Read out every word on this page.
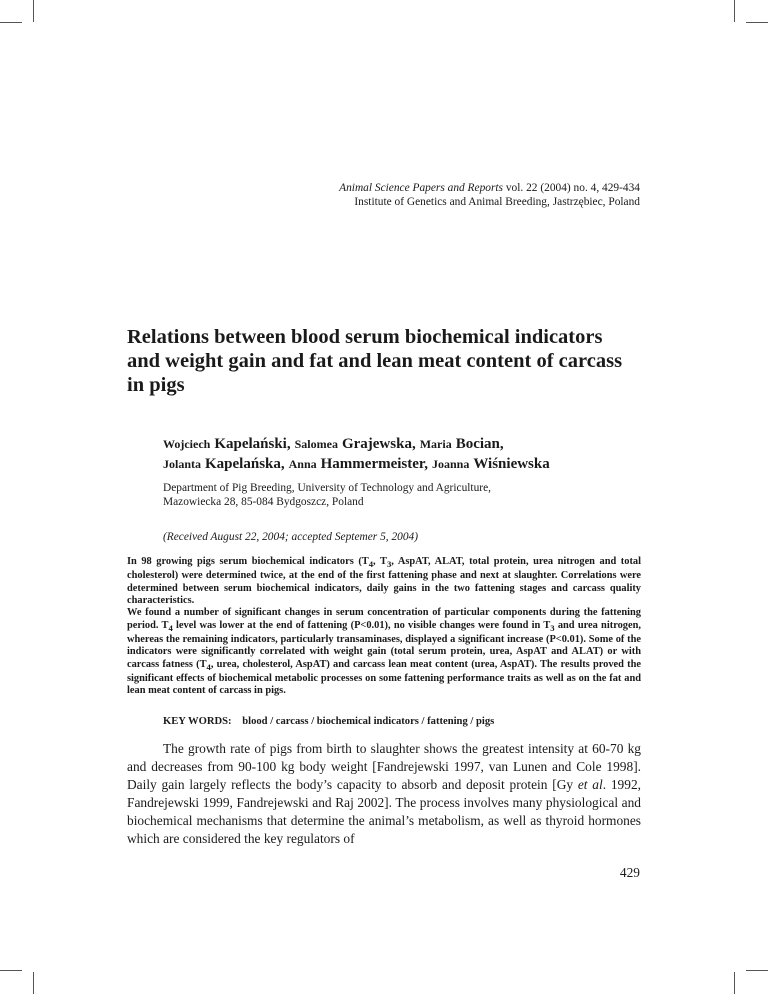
Animal Science Papers and Reports vol. 22 (2004) no. 4, 429-434
Institute of Genetics and Animal Breeding, Jastrzębiec, Poland
Relations between blood serum biochemical indicators and weight gain and fat and lean meat content of carcass in pigs
Wojciech Kapelański, Salomea Grajewska, Maria Bocian,
Jolanta Kapelańska, Anna Hammermeister, Joanna Wiśniewska
Department of Pig Breeding, University of Technology and Agriculture,
Mazowiecka 28, 85-084 Bydgoszcz, Poland
(Received August 22, 2004; accepted Septemer 5, 2004)

In 98 growing pigs serum biochemical indicators ($T_4$, $T_3$, AspAT, ALAT, total protein, urea nitrogen and total cholesterol) were determined twice, at the end of the first fattening phase and next at slaughter. Correlations were determined between serum biochemical indicators, daily gains in the two fattening stages and carcass quality characteristics.

We found a number of significant changes in serum concentration of particular components during the fattening period. $T_4$ level was lower at the end of fattening (P<0.01), no visible changes were found in $T_3$ and urea nitrogen, whereas the remaining indicators, particularly transaminases, displayed a significant increase (P<0.01). Some of the indicators were significantly correlated with weight gain (total serum protein, urea, AspAT and ALAT) or with carcass fatness ($T_4$, urea, cholesterol, AspAT) and carcass lean meat content (urea, AspAT). The results proved the significant effects of biochemical metabolic processes on some fattening performance traits as well as on the fat and lean meat content of carcass in pigs.

KEY WORDS: blood / carcass / biochemical indicators / fattening / pigs

The growth rate of pigs from birth to slaughter shows the greatest intensity at 60-70 kg and decreases from 90-100 kg body weight [Fandrejewski 1997, van Lunen and Cole 1998]. Daily gain largely reflects the body’s capacity to absorb and deposit protein [Gy et al. 1992, Fandrejewski 1999, Fandrejewski and Raj 2002]. The process involves many physiological and biochemical mechanisms that determine the animal’s metabolism, as well as thyroid hormones which are considered the key regulators of

429
